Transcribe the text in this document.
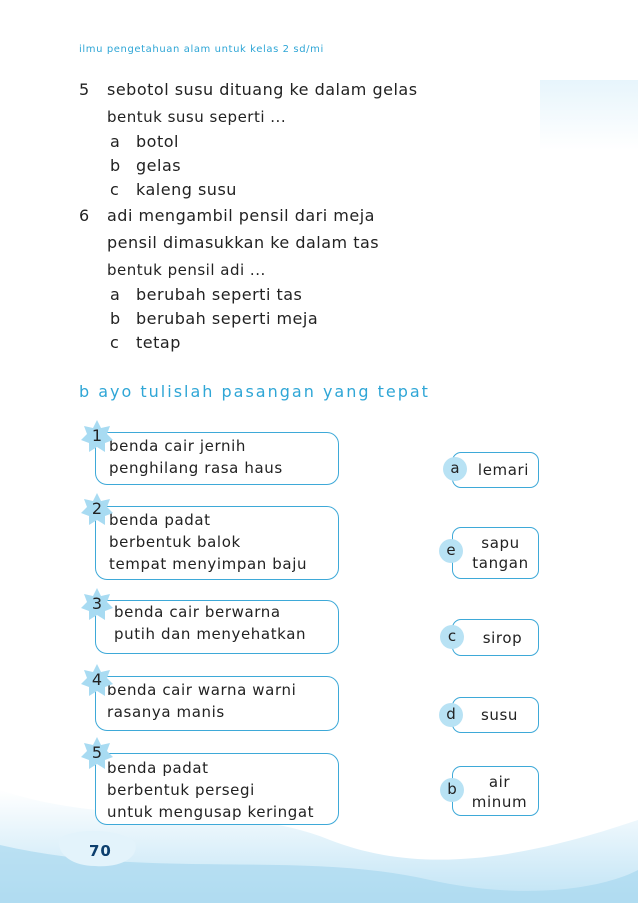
ilmu pengetahuan alam untuk kelas 2 sd/mi
5 sebotol susu dituang ke dalam gelas
bentuk susu seperti ...
a botol
b gelas
c kaleng susu
6 adi mengambil pensil dari meja
pensil dimasukkan ke dalam tas
bentuk pensil adi ...
a berubah seperti tas
b berubah seperti meja
c tetap
b ayo tulislah pasangan yang tepat
benda cair jernih
penghilang rasa haus
benda padat
berbentuk balok
tempat menyimpan baju
benda cair berwarna
putih dan menyehatkan
benda cair warna warni
rasanya manis
benda padat
berbentuk persegi
untuk mengusap keringat
1
2
3
4
5
lemari
a
sapu
tangan
e
sirop
c
susu
d
air
minum
b
70
